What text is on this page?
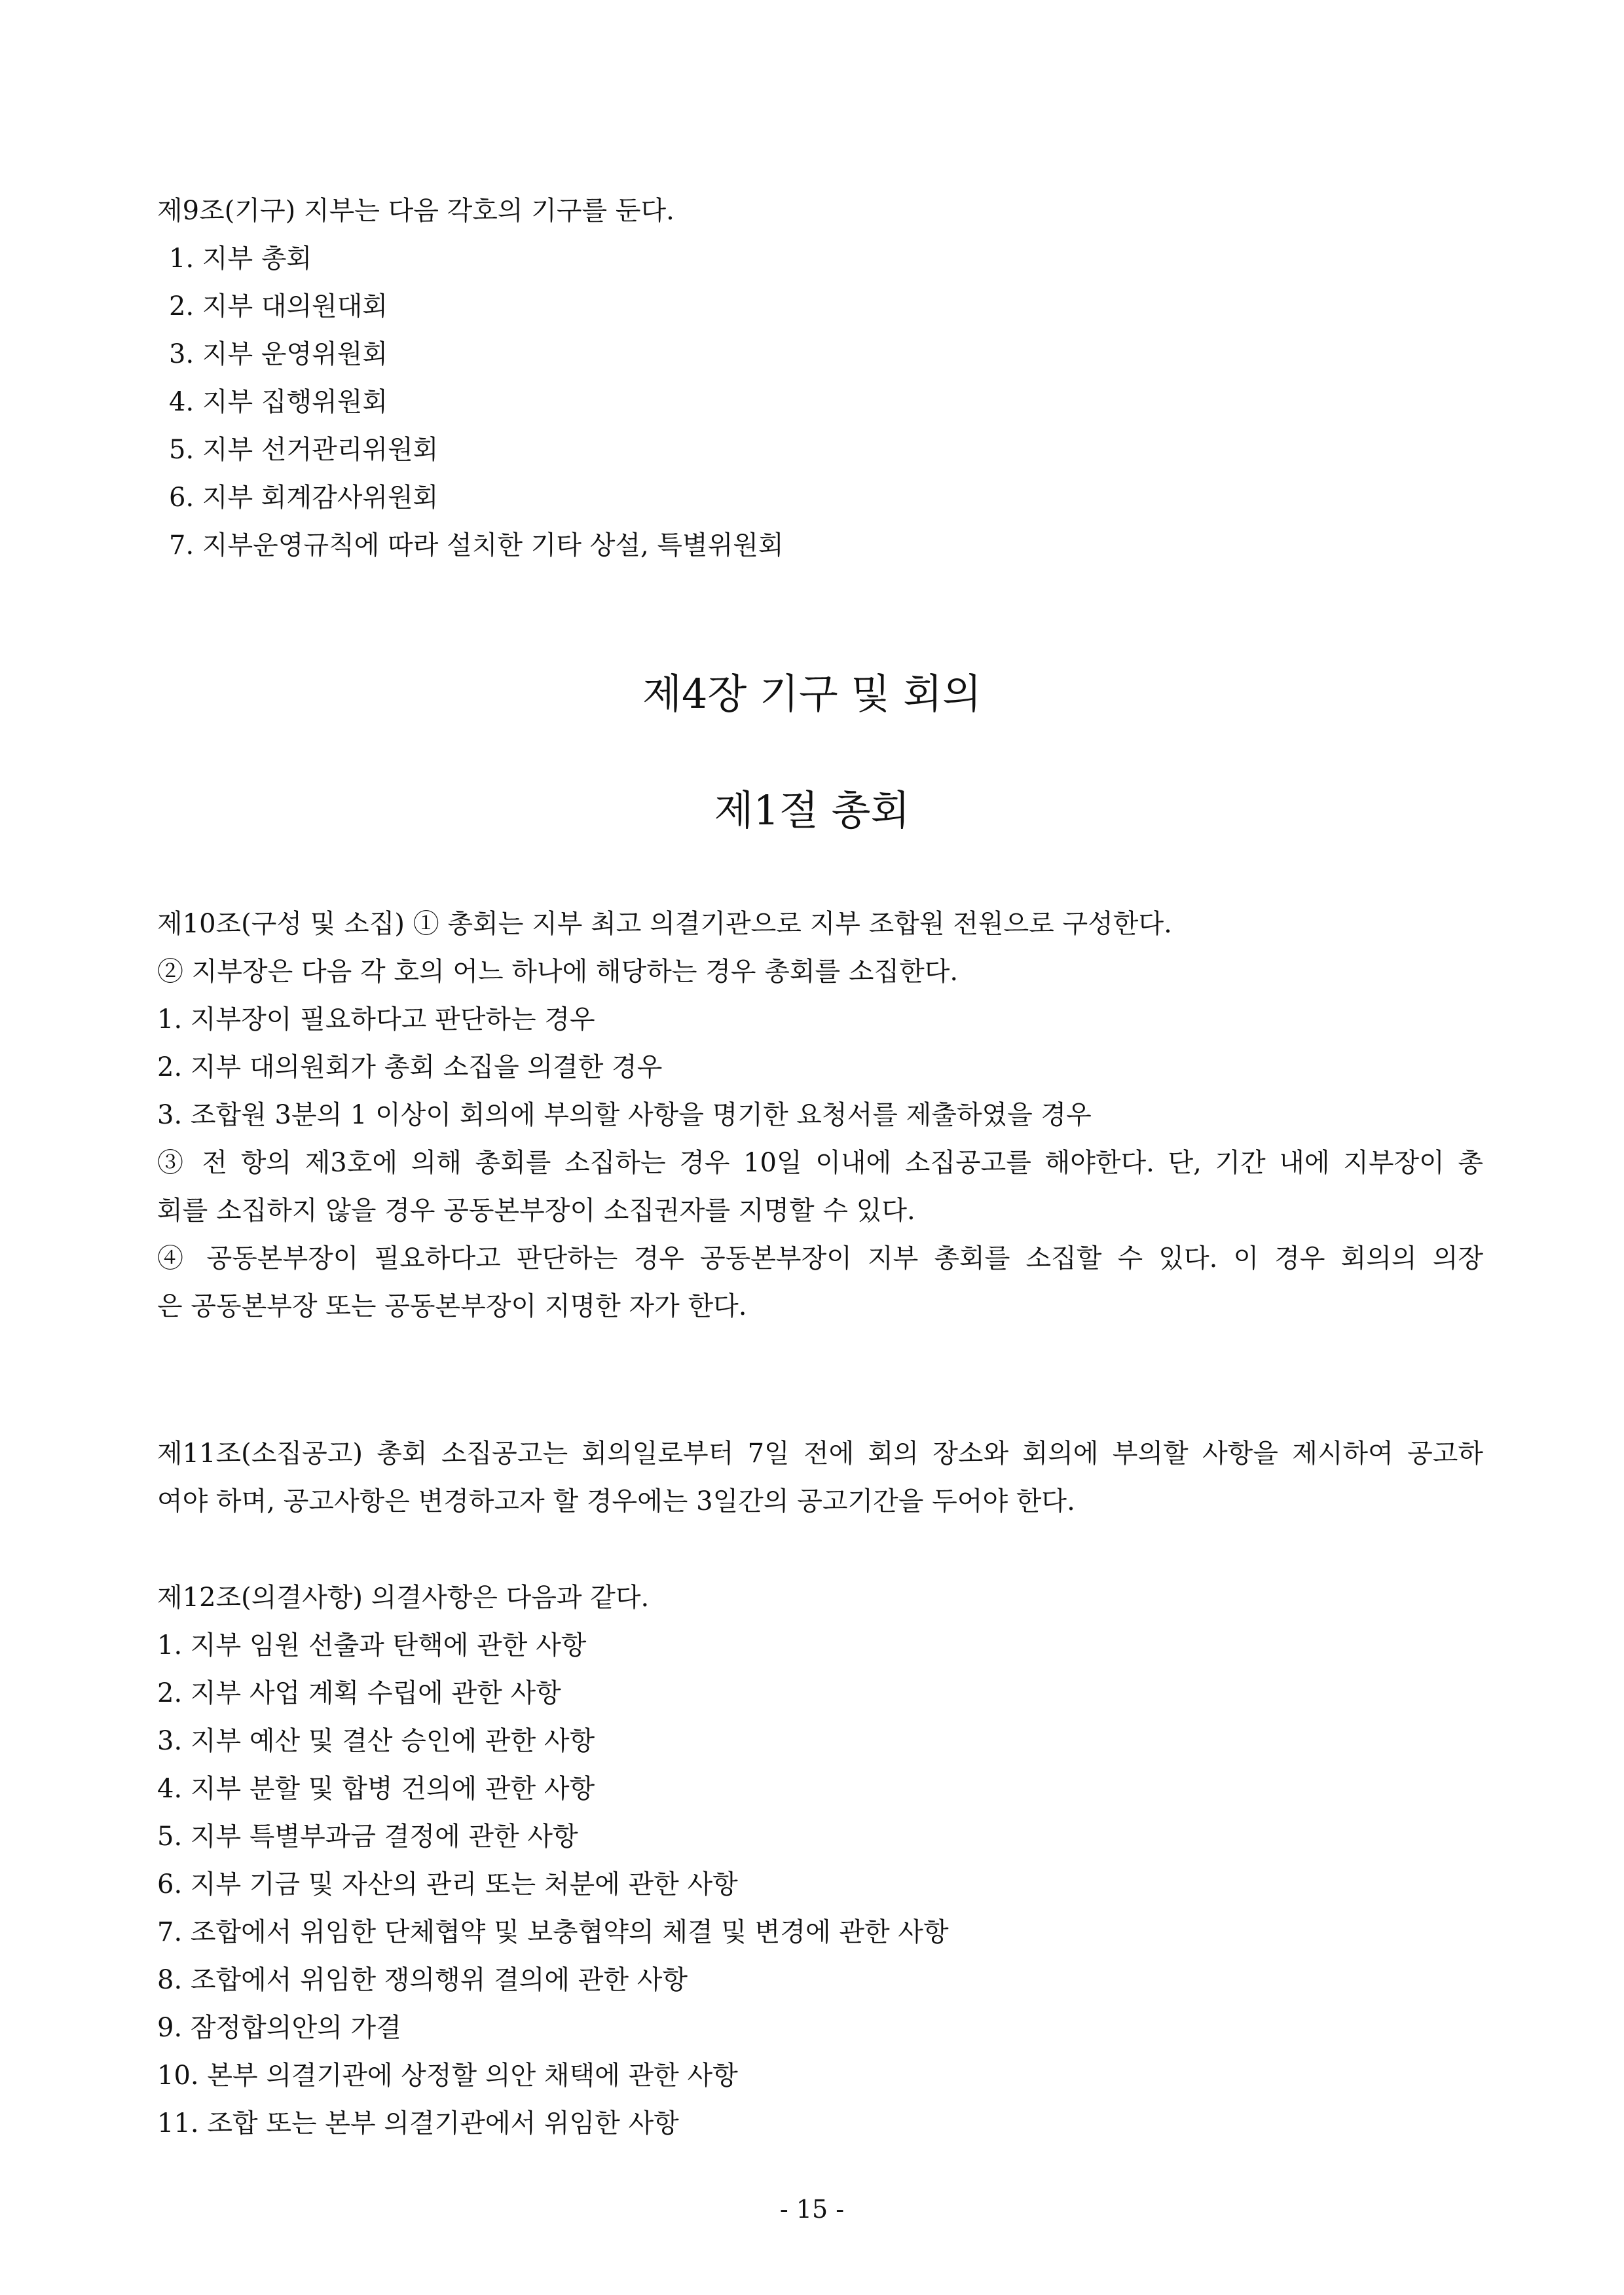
제9조(기구) 지부는 다음 각호의 기구를 둔다.
1. 지부 총회
2. 지부 대의원대회
3. 지부 운영위원회
4. 지부 집행위원회
5. 지부 선거관리위원회
6. 지부 회계감사위원회
7. 지부운영규칙에 따라 설치한 기타 상설, 특별위원회
제4장 기구 및 회의
제1절 총회
제10조(구성 및 소집) ① 총회는 지부 최고 의결기관으로 지부 조합원 전원으로 구성한다.
② 지부장은 다음 각 호의 어느 하나에 해당하는 경우 총회를 소집한다.
1. 지부장이 필요하다고 판단하는 경우
2. 지부 대의원회가 총회 소집을 의결한 경우
3. 조합원 3분의 1 이상이 회의에 부의할 사항을 명기한 요청서를 제출하였을 경우
③ 전 항의 제3호에 의해 총회를 소집하는 경우 10일 이내에 소집공고를 해야한다. 단, 기간 내에 지부장이 총
회를 소집하지 않을 경우 공동본부장이 소집권자를 지명할 수 있다.
④ 공동본부장이 필요하다고 판단하는 경우 공동본부장이 지부 총회를 소집할 수 있다. 이 경우 회의의 의장
은 공동본부장 또는 공동본부장이 지명한 자가 한다.
제11조(소집공고) 총회 소집공고는 회의일로부터 7일 전에 회의 장소와 회의에 부의할 사항을 제시하여 공고하
여야 하며, 공고사항은 변경하고자 할 경우에는 3일간의 공고기간을 두어야 한다.
제12조(의결사항) 의결사항은 다음과 같다.
1. 지부 임원 선출과 탄핵에 관한 사항
2. 지부 사업 계획 수립에 관한 사항
3. 지부 예산 및 결산 승인에 관한 사항
4. 지부 분할 및 합병 건의에 관한 사항
5. 지부 특별부과금 결정에 관한 사항
6. 지부 기금 및 자산의 관리 또는 처분에 관한 사항
7. 조합에서 위임한 단체협약 및 보충협약의 체결 및 변경에 관한 사항
8. 조합에서 위임한 쟁의행위 결의에 관한 사항
9. 잠정합의안의 가결
10. 본부 의결기관에 상정할 의안 채택에 관한 사항
11. 조합 또는 본부 의결기관에서 위임한 사항
- 15 -
